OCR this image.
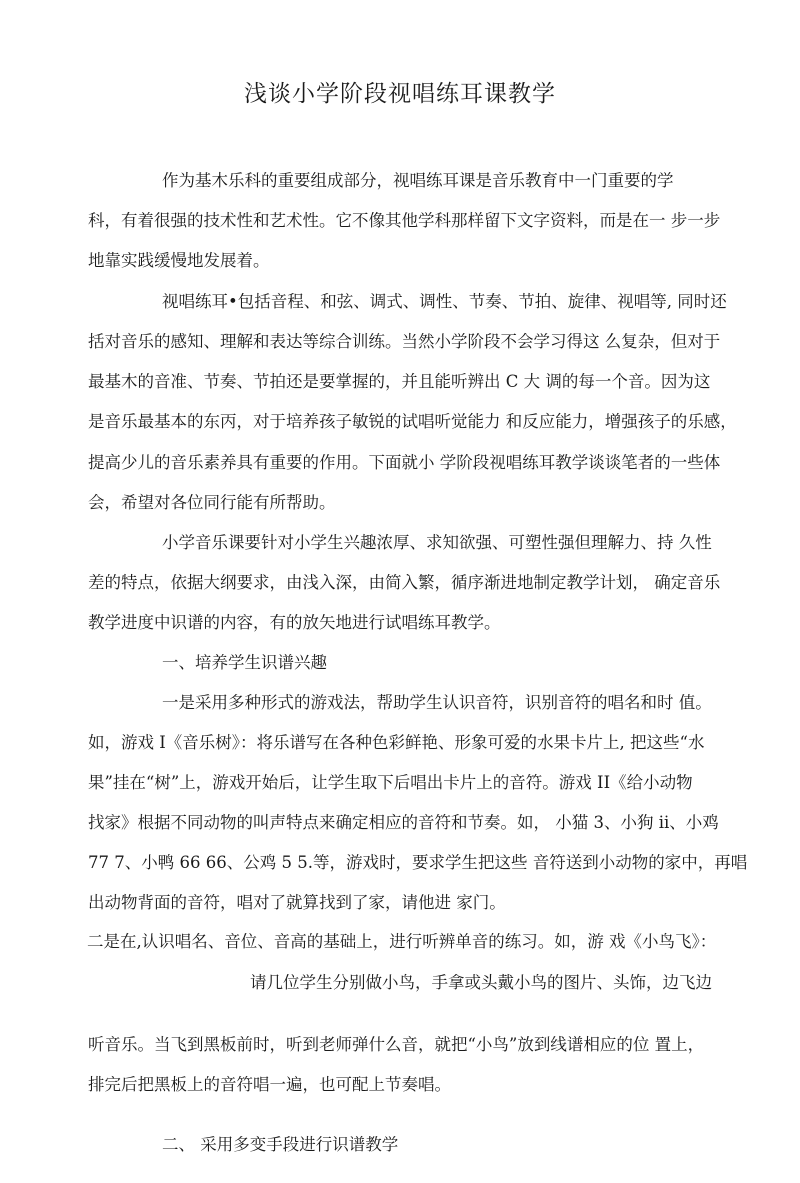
浅谈小学阶段视唱练耳课教学
作为基木乐科的重要组成部分，视唱练耳课是音乐教育中一门重要的学
科，有着很强的技术性和艺术性。它不像其他学科那样留下文字资料，而是在一 步一步
地靠实践缓慢地发展着。
视唱练耳•包括音程、和弦、调式、调性、节奏、节拍、旋律、视唱等, 同时还
括对音乐的感知、理解和表达等综合训练。当然小学阶段不会学习得这 么复杂，但对于
最基木的音准、节奏、节拍还是要掌握的，并且能听辨出 C 大 调的每一个音。因为这
是音乐最基本的东丙，对于培养孩子敏锐的试唱听觉能力 和反应能力，增强孩子的乐感，
提高少儿的音乐素养具有重要的作用。下面就小 学阶段视唱练耳教学谈谈笔者的一些体
会，希望对各位同行能有所帮助。
小学音乐课要针对小学生兴趣浓厚、求知欲强、可塑性强但理解力、持 久性
差的特点，依据大纲要求，由浅入深，由简入繁，循序渐进地制定教学计划， 确定音乐
教学进度中识谱的内容，有的放矢地进行试唱练耳教学。
一、培养学生识谱兴趣
一是采用多种形式的游戏法，帮助学生认识音符，识别音符的唱名和时 值。
如，游戏 I《音乐树》：将乐谱写在各种色彩鲜艳、形象可爱的水果卡片上, 把这些“水
果”挂在“树”上，游戏开始后，让学生取下后唱出卡片上的音符。游戏 II《给小动物
找家》根据不同动物的叫声特点来确定相应的音符和节奏。如， 小猫 3、小狗 ii、小鸡
77 7、小鸭 66 66、公鸡 5 5.等，游戏时，要求学生把这些 音符送到小动物的家中，再唱
出动物背面的音符，唱对了就算找到了家，请他进 家门。
二是在,认识唱名、音位、音高的基础上，进行听辨单音的练习。如，游 戏《小鸟飞》：
请几位学生分别做小鸟，手拿或头戴小鸟的图片、头饰，边飞边
听音乐。当飞到黑板前时，听到老师弹什么音，就把“小鸟”放到线谱相应的位 置上，
排完后把黑板上的音符唱一遍，也可配上节奏唱。
二、 采用多变手段进行识谱教学
